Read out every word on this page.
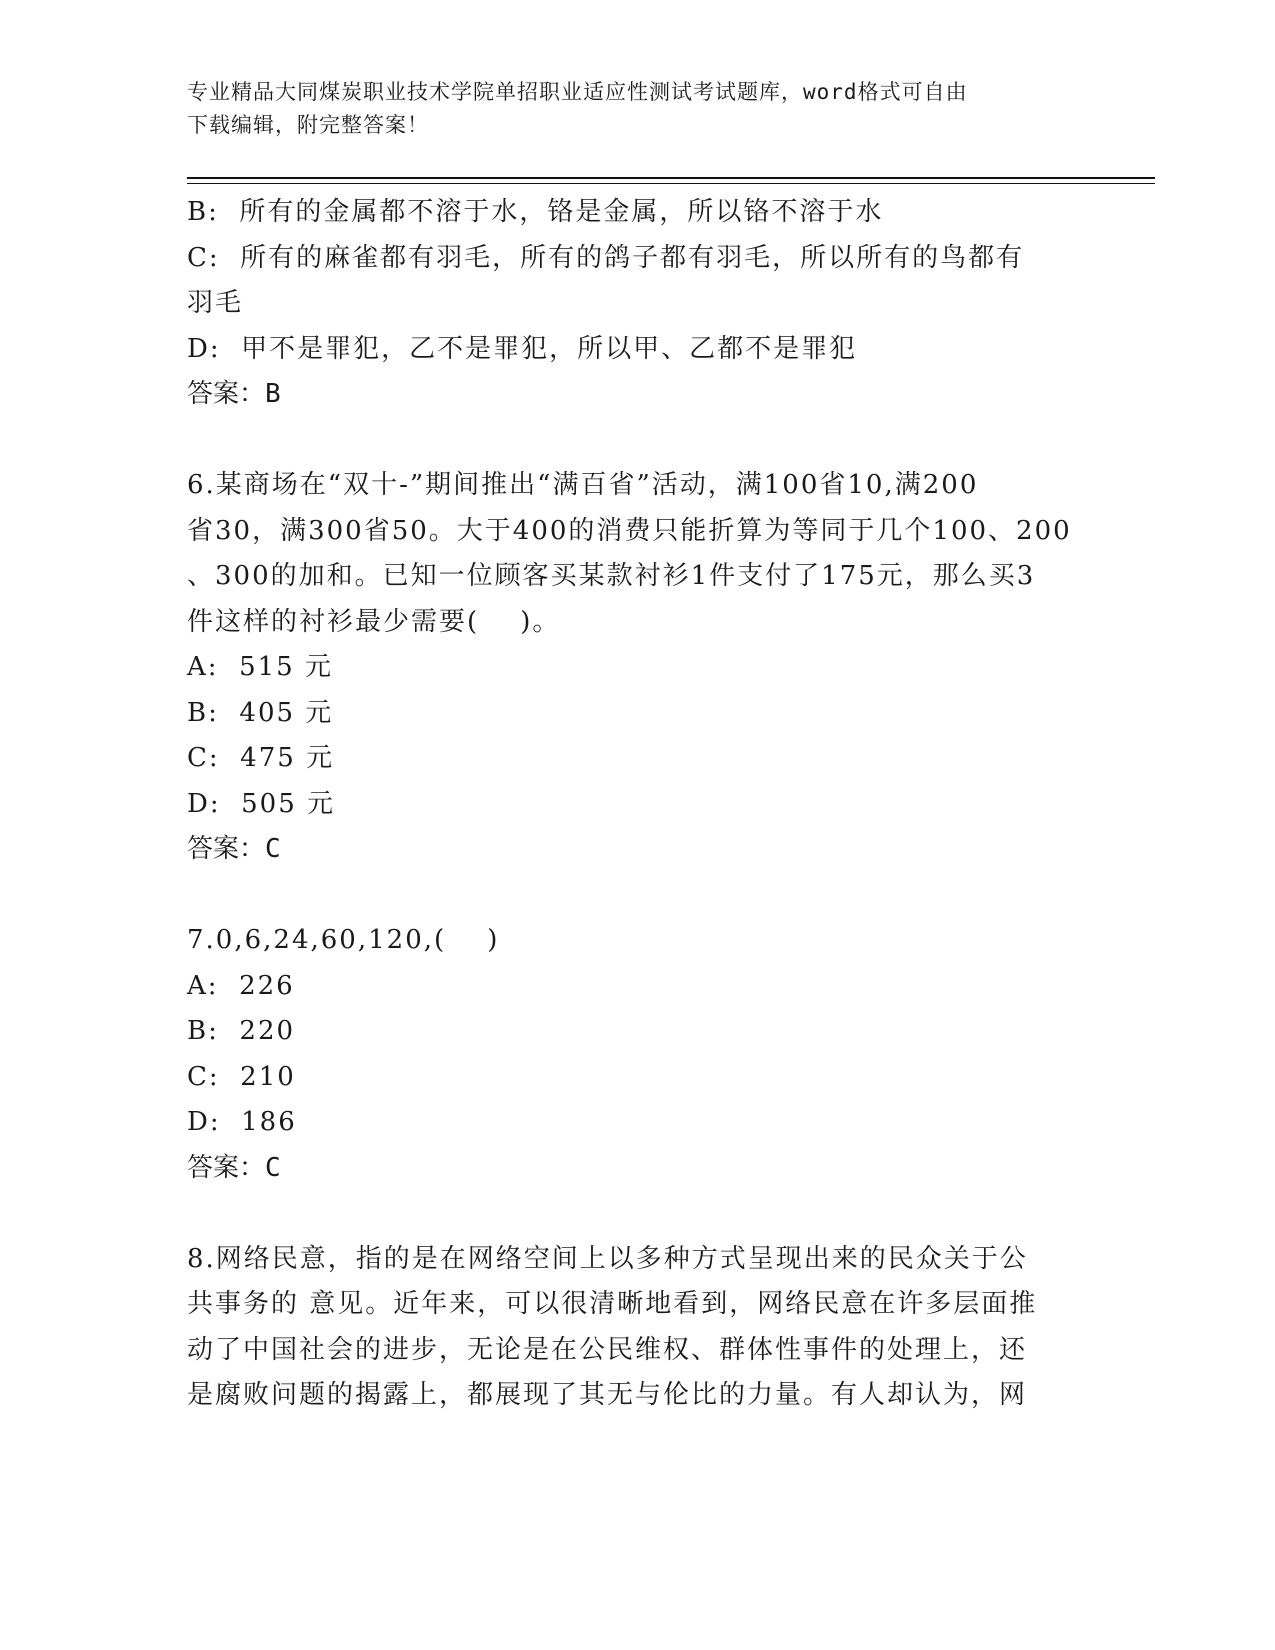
专业精品大同煤炭职业技术学院单招职业适应性测试考试题库，word格式可自由
下载编辑，附完整答案！
B:  所有的金属都不溶于水，铬是金属，所以铬不溶于水
C:  所有的麻雀都有羽毛，所有的鸽子都有羽毛，所以所有的鸟都有
羽毛
D:  甲不是罪犯，乙不是罪犯，所以甲、乙都不是罪犯
答案：B
6.某商场在“双十-”期间推出“满百省”活动，满100省10,满200
省30，满300省50。大于400的消费只能折算为等同于几个100、200
、300的加和。已知一位顾客买某款衬衫1件支付了175元，那么买3
件这样的衬衫最少需要(    )。
A:  515 元
B:  405 元
C:  475 元
D:  505 元
答案：C
7.0,6,24,60,120,(    )
A:  226
B:  220
C:  210
D:  186
答案：C
8.网络民意，指的是在网络空间上以多种方式呈现出来的民众关于公
共事务的 意见。近年来，可以很清晰地看到，网络民意在许多层面推
动了中国社会的进步，无论是在公民维权、群体性事件的处理上，还
是腐败问题的揭露上，都展现了其无与伦比的力量。有人却认为，网
